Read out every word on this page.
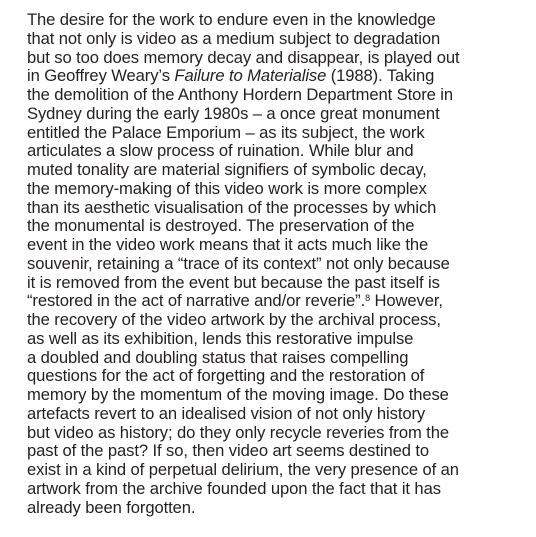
The desire for the work to endure even in the knowledge
that not only is video as a medium subject to degradation
but so too does memory decay and disappear, is played out
in Geoffrey Weary’s Failure to Materialise (1988). Taking
the demolition of the Anthony Hordern Department Store in
Sydney during the early 1980s – a once great monument
entitled the Palace Emporium – as its subject, the work
articulates a slow process of ruination. While blur and
muted tonality are material signifiers of symbolic decay,
the memory-making of this video work is more complex
than its aesthetic visualisation of the processes by which
the monumental is destroyed. The preservation of the
event in the video work means that it acts much like the
souvenir, retaining a “trace of its context” not only because
it is removed from the event but because the past itself is
“restored in the act of narrative and/or reverie”.$^8$ However,
the recovery of the video artwork by the archival process,
as well as its exhibition, lends this restorative impulse
a doubled and doubling status that raises compelling
questions for the act of forgetting and the restoration of
memory by the momentum of the moving image. Do these
artefacts revert to an idealised vision of not only history
but video as history; do they only recycle reveries from the
past of the past? If so, then video art seems destined to
exist in a kind of perpetual delirium, the very presence of an
artwork from the archive founded upon the fact that it has
already been forgotten.
